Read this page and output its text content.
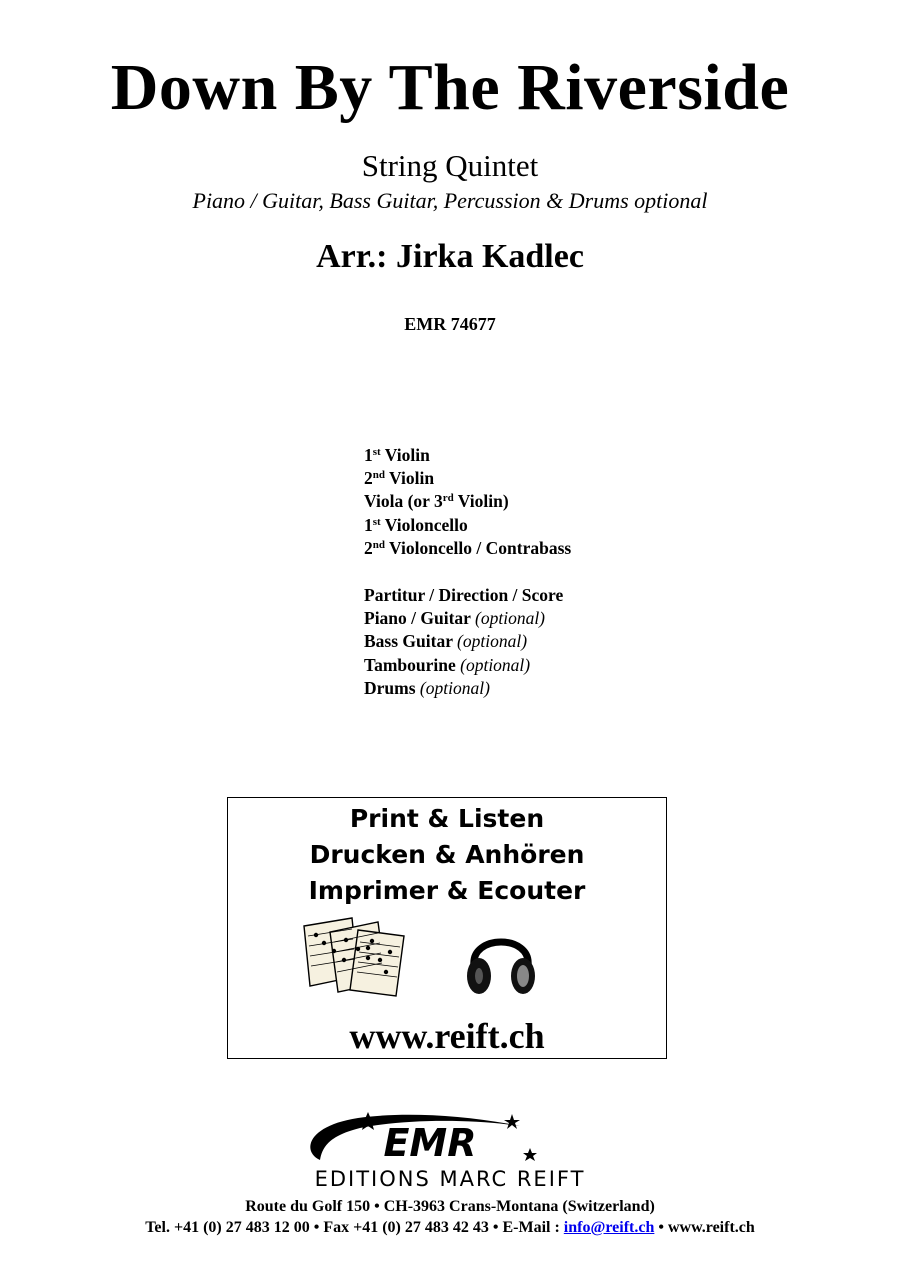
Down By The Riverside
String Quintet
Piano / Guitar, Bass Guitar, Percussion & Drums optional
Arr.: Jirka Kadlec
EMR 74677
1st Violin
2nd Violin
Viola (or 3rd Violin)
1st Violoncello
2nd Violoncello / Contrabass
Partitur / Direction / Score
Piano / Guitar (optional)
Bass Guitar (optional)
Tambourine (optional)
Drums (optional)
Print & Listen
Drucken & Anhören
Imprimer & Ecouter
www.reift.ch
EMR
EDITIONS MARC REIFT
Route du Golf 150 • CH-3963 Crans-Montana (Switzerland)
Tel. +41 (0) 27 483 12 00 • Fax +41 (0) 27 483 42 43 • E-Mail : info@reift.ch • www.reift.ch
